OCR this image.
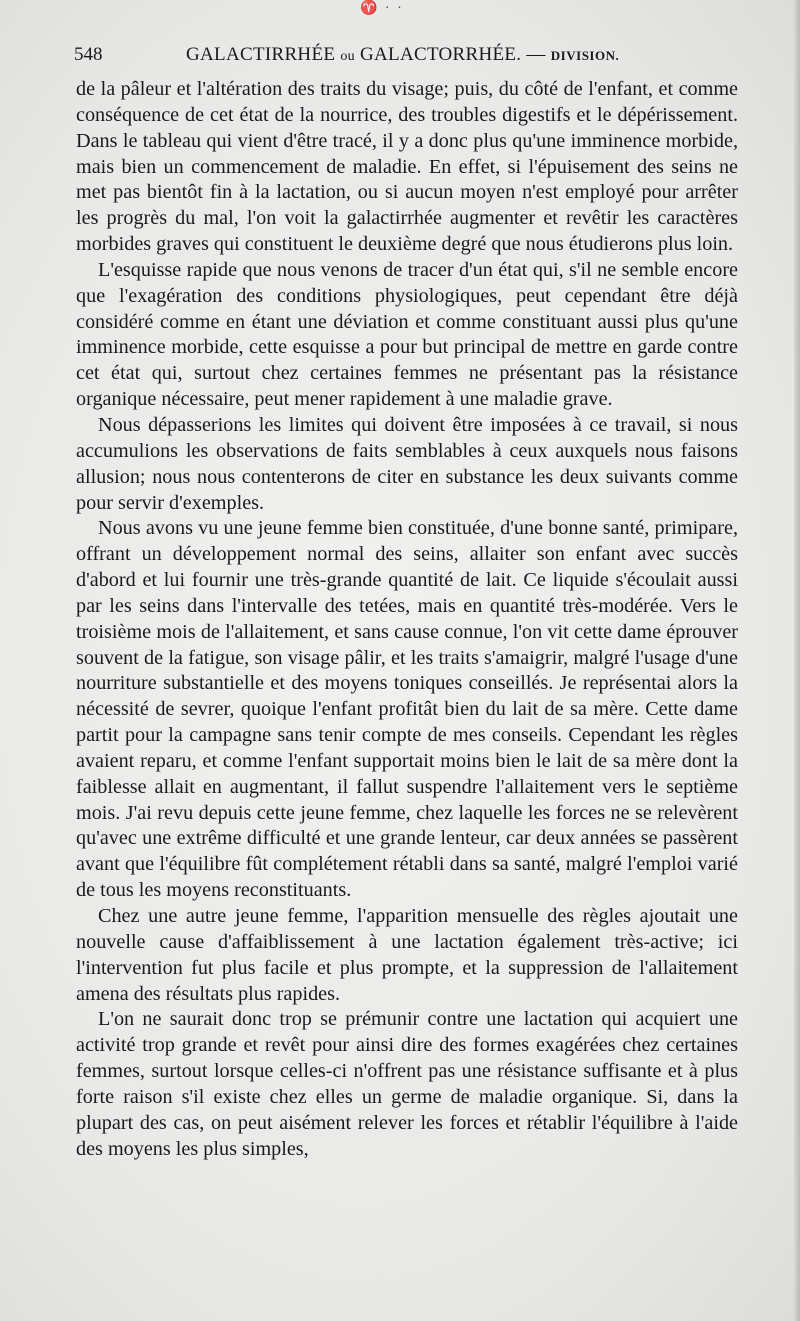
♈ · ·
548	GALACTIRRHÉE ou GALACTORRHÉE. — DIVISION.

de la pâleur et l'altération des traits du visage; puis, du côté de l'enfant, et comme conséquence de cet état de la nourrice, des troubles digestifs et le dépérissement. Dans le tableau qui vient d'être tracé, il y a donc plus qu'une imminence morbide, mais bien un commencement de maladie. En effet, si l'épuisement des seins ne met pas bientôt fin à la lactation, ou si aucun moyen n'est employé pour arrêter les progrès du mal, l'on voit la galactirrhée augmenter et revêtir les caractères morbides graves qui constituent le deuxième degré que nous étudierons plus loin.

L'esquisse rapide que nous venons de tracer d'un état qui, s'il ne semble encore que l'exagération des conditions physiologiques, peut cependant être déjà considéré comme en étant une déviation et comme constituant aussi plus qu'une imminence morbide, cette esquisse a pour but principal de mettre en garde contre cet état qui, surtout chez certaines femmes ne présentant pas la résistance organique nécessaire, peut mener rapidement à une maladie grave.

Nous dépasserions les limites qui doivent être imposées à ce travail, si nous accumulions les observations de faits semblables à ceux auxquels nous faisons allusion; nous nous contenterons de citer en substance les deux suivants comme pour servir d'exemples.

Nous avons vu une jeune femme bien constituée, d'une bonne santé, primipare, offrant un développement normal des seins, allaiter son enfant avec succès d'abord et lui fournir une très-grande quantité de lait. Ce liquide s'écoulait aussi par les seins dans l'intervalle des tetées, mais en quantité très-modérée. Vers le troisième mois de l'allaitement, et sans cause connue, l'on vit cette dame éprouver souvent de la fatigue, son visage pâlir, et les traits s'amaigrir, malgré l'usage d'une nourriture substantielle et des moyens toniques conseillés. Je représentai alors la nécessité de sevrer, quoique l'enfant profitât bien du lait de sa mère. Cette dame partit pour la campagne sans tenir compte de mes conseils. Cependant les règles avaient reparu, et comme l'enfant supportait moins bien le lait de sa mère dont la faiblesse allait en augmentant, il fallut suspendre l'allaitement vers le septième mois. J'ai revu depuis cette jeune femme, chez laquelle les forces ne se relevèrent qu'avec une extrême difficulté et une grande lenteur, car deux années se passèrent avant que l'équilibre fût complétement rétabli dans sa santé, malgré l'emploi varié de tous les moyens reconstituants.

Chez une autre jeune femme, l'apparition mensuelle des règles ajoutait une nouvelle cause d'affaiblissement à une lactation également très-active; ici l'intervention fut plus facile et plus prompte, et la suppression de l'allaitement amena des résultats plus rapides.

L'on ne saurait donc trop se prémunir contre une lactation qui acquiert une activité trop grande et revêt pour ainsi dire des formes exagérées chez certaines femmes, surtout lorsque celles-ci n'offrent pas une résistance suffisante et à plus forte raison s'il existe chez elles un germe de maladie organique. Si, dans la plupart des cas, on peut aisément relever les forces et rétablir l'équilibre à l'aide des moyens les plus simples,
